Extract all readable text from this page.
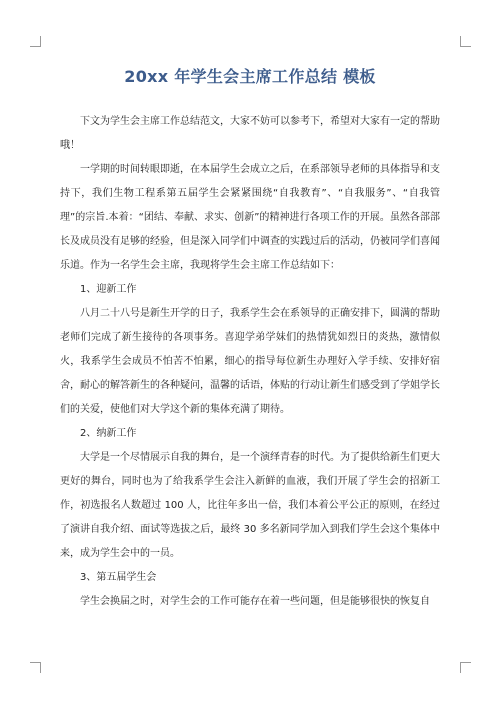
20xx 年学生会主席工作总结 模板

下文为学生会主席工作总结范文，大家不妨可以参考下，希望对大家有一定的帮助哦！

一学期的时间转眼即逝，在本届学生会成立之后，在系部领导老师的具体指导和支持下，我们生物工程系第五届学生会紧紧围绕“自我教育”、“自我服务”、“自我管理”的宗旨.本着：“团结、奉献、求实、创新”的精神进行各项工作的开展。虽然各部部长及成员没有足够的经验，但是深入同学们中调查的实践过后的活动，仍被同学们喜闻乐道。作为一名学生会主席，我现将学生会主席工作总结如下：

1、迎新工作

八月二十八号是新生开学的日子，我系学生会在系领导的正确安排下，圆满的帮助老师们完成了新生接待的各项事务。喜迎学弟学妹们的热情犹如烈日的炎热，激情似火，我系学生会成员不怕苦不怕累，细心的指导每位新生办理好入学手续、安排好宿舍，耐心的解答新生的各种疑问，温馨的话语，体贴的行动让新生们感受到了学姐学长们的关爱，使他们对大学这个新的集体充满了期待。

2、纳新工作

大学是一个尽情展示自我的舞台，是一个演绎青春的时代。为了提供给新生们更大更好的舞台，同时也为了给我系学生会注入新鲜的血液，我们开展了学生会的招新工作，初选报名人数超过 100 人，比往年多出一倍，我们本着公平公正的原则，在经过了演讲自我介绍、面试等选拔之后，最终 30 多名新同学加入到我们学生会这个集体中来，成为学生会中的一员。

3、第五届学生会

学生会换届之时，对学生会的工作可能存在着一些问题，但是能够很快的恢复自
